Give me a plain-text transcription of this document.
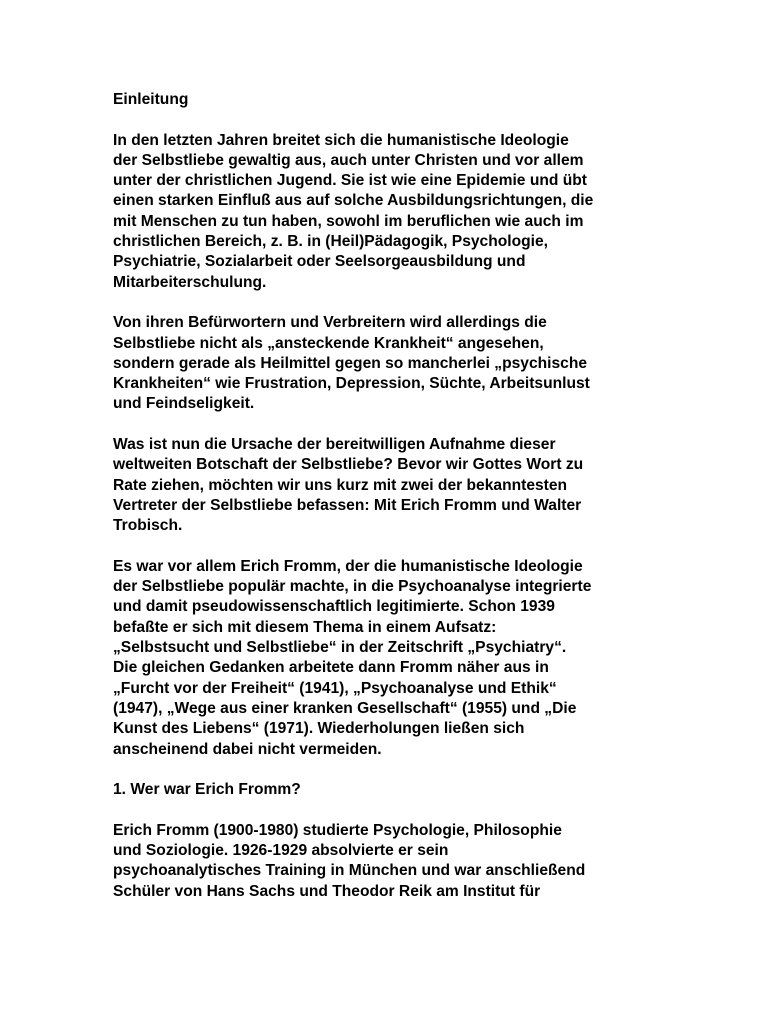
Einleitung

In den letzten Jahren breitet sich die humanistische Ideologie
der Selbstliebe gewaltig aus, auch unter Christen und vor allem
unter der christlichen Jugend. Sie ist wie eine Epidemie und übt
einen starken Einfluß aus auf solche Ausbildungsrichtungen, die
mit Menschen zu tun haben, sowohl im beruflichen wie auch im
christlichen Bereich, z. B. in (Heil)Pädagogik, Psychologie,
Psychiatrie, Sozialarbeit oder Seelsorgeausbildung und
Mitarbeiterschulung.

Von ihren Befürwortern und Verbreitern wird allerdings die
Selbstliebe nicht als „ansteckende Krankheit“ angesehen,
sondern gerade als Heilmittel gegen so mancherlei „psychische
Krankheiten“ wie Frustration, Depression, Süchte, Arbeitsunlust
und Feindseligkeit.

Was ist nun die Ursache der bereitwilligen Aufnahme dieser
weltweiten Botschaft der Selbstliebe? Bevor wir Gottes Wort zu
Rate ziehen, möchten wir uns kurz mit zwei der bekanntesten
Vertreter der Selbstliebe befassen: Mit Erich Fromm und Walter
Trobisch.

Es war vor allem Erich Fromm, der die humanistische Ideologie
der Selbstliebe populär machte, in die Psychoanalyse integrierte
und damit pseudowissenschaftlich legitimierte. Schon 1939
befaßte er sich mit diesem Thema in einem Aufsatz:
„Selbstsucht und Selbstliebe“ in der Zeitschrift „Psychiatry“.
Die gleichen Gedanken arbeitete dann Fromm näher aus in
„Furcht vor der Freiheit“ (1941), „Psychoanalyse und Ethik“
(1947), „Wege aus einer kranken Gesellschaft“ (1955) und „Die
Kunst des Liebens“ (1971). Wiederholungen ließen sich
anscheinend dabei nicht vermeiden.

1. Wer war Erich Fromm?

Erich Fromm (1900-1980) studierte Psychologie, Philosophie
und Soziologie. 1926-1929 absolvierte er sein
psychoanalytisches Training in München und war anschließend
Schüler von Hans Sachs und Theodor Reik am Institut für
